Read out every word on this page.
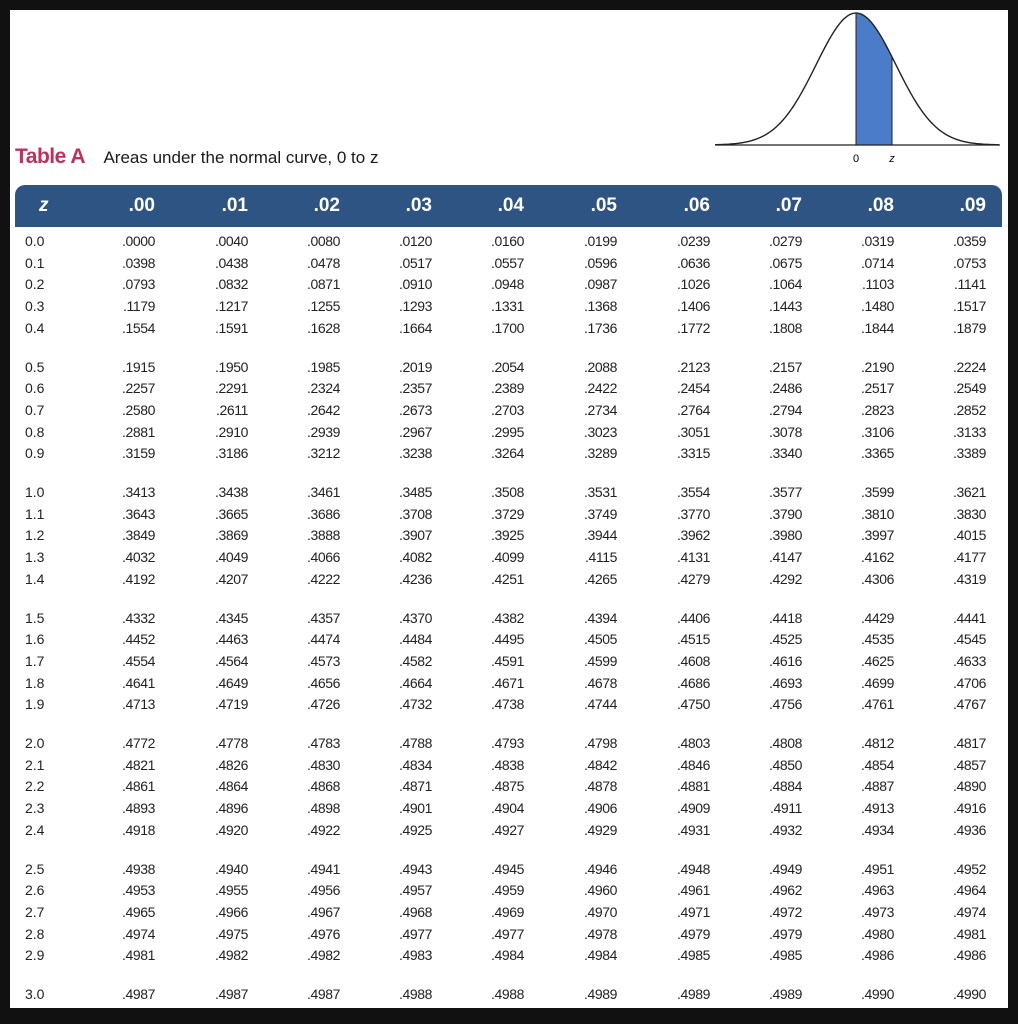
Table A Areas under the normal curve, 0 to z	0	z
z	.00	.01	.02	.03	.04	.05	.06	.07	.08	.09
0.0	.0000	.0040	.0080	.0120	.0160	.0199	.0239	.0279	.0319	.0359
0.1	.0398	.0438	.0478	.0517	.0557	.0596	.0636	.0675	.0714	.0753
0.2	.0793	.0832	.0871	.0910	.0948	.0987	.1026	.1064	.1103	.1141
0.3	.1179	.1217	.1255	.1293	.1331	.1368	.1406	.1443	.1480	.1517
0.4	.1554	.1591	.1628	.1664	.1700	.1736	.1772	.1808	.1844	.1879
0.5	.1915	.1950	.1985	.2019	.2054	.2088	.2123	.2157	.2190	.2224
0.6	.2257	.2291	.2324	.2357	.2389	.2422	.2454	.2486	.2517	.2549
0.7	.2580	.2611	.2642	.2673	.2703	.2734	.2764	.2794	.2823	.2852
0.8	.2881	.2910	.2939	.2967	.2995	.3023	.3051	.3078	.3106	.3133
0.9	.3159	.3186	.3212	.3238	.3264	.3289	.3315	.3340	.3365	.3389
1.0	.3413	.3438	.3461	.3485	.3508	.3531	.3554	.3577	.3599	.3621
1.1	.3643	.3665	.3686	.3708	.3729	.3749	.3770	.3790	.3810	.3830
1.2	.3849	.3869	.3888	.3907	.3925	.3944	.3962	.3980	.3997	.4015
1.3	.4032	.4049	.4066	.4082	.4099	.4115	.4131	.4147	.4162	.4177
1.4	.4192	.4207	.4222	.4236	.4251	.4265	.4279	.4292	.4306	.4319
1.5	.4332	.4345	.4357	.4370	.4382	.4394	.4406	.4418	.4429	.4441
1.6	.4452	.4463	.4474	.4484	.4495	.4505	.4515	.4525	.4535	.4545
1.7	.4554	.4564	.4573	.4582	.4591	.4599	.4608	.4616	.4625	.4633
1.8	.4641	.4649	.4656	.4664	.4671	.4678	.4686	.4693	.4699	.4706
1.9	.4713	.4719	.4726	.4732	.4738	.4744	.4750	.4756	.4761	.4767
2.0	.4772	.4778	.4783	.4788	.4793	.4798	.4803	.4808	.4812	.4817
2.1	.4821	.4826	.4830	.4834	.4838	.4842	.4846	.4850	.4854	.4857
2.2	.4861	.4864	.4868	.4871	.4875	.4878	.4881	.4884	.4887	.4890
2.3	.4893	.4896	.4898	.4901	.4904	.4906	.4909	.4911	.4913	.4916
2.4	.4918	.4920	.4922	.4925	.4927	.4929	.4931	.4932	.4934	.4936
2.5	.4938	.4940	.4941	.4943	.4945	.4946	.4948	.4949	.4951	.4952
2.6	.4953	.4955	.4956	.4957	.4959	.4960	.4961	.4962	.4963	.4964
2.7	.4965	.4966	.4967	.4968	.4969	.4970	.4971	.4972	.4973	.4974
2.8	.4974	.4975	.4976	.4977	.4977	.4978	.4979	.4979	.4980	.4981
2.9	.4981	.4982	.4982	.4983	.4984	.4984	.4985	.4985	.4986	.4986
3.0	.4987	.4987	.4987	.4988	.4988	.4989	.4989	.4989	.4990	.4990
